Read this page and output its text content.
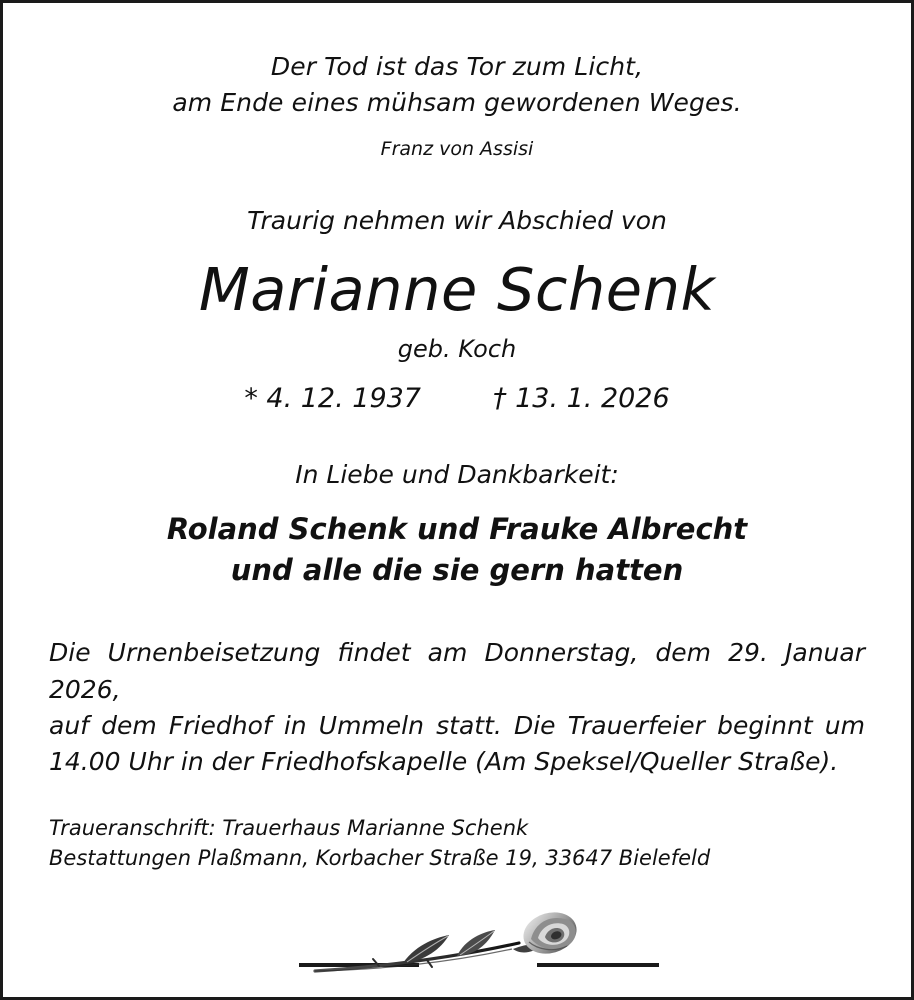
Der Tod ist das Tor zum Licht,
am Ende eines mühsam gewordenen Weges.
Franz von Assisi
Traurig nehmen wir Abschied von
Marianne Schenk
geb. Koch
* 4. 12. 1937	† 13. 1. 2026
In Liebe und Dankbarkeit:
Roland Schenk und Frauke Albrecht
und alle die sie gern hatten
Die Urnenbeisetzung findet am Donnerstag, dem 29. Januar 2026,
auf dem Friedhof in Ummeln statt. Die Trauerfeier beginnt um
14.00 Uhr in der Friedhofskapelle (Am Speksel/Queller Straße).
Traueranschrift: Trauerhaus Marianne Schenk
Bestattungen Plaßmann, Korbacher Straße 19, 33647 Bielefeld
